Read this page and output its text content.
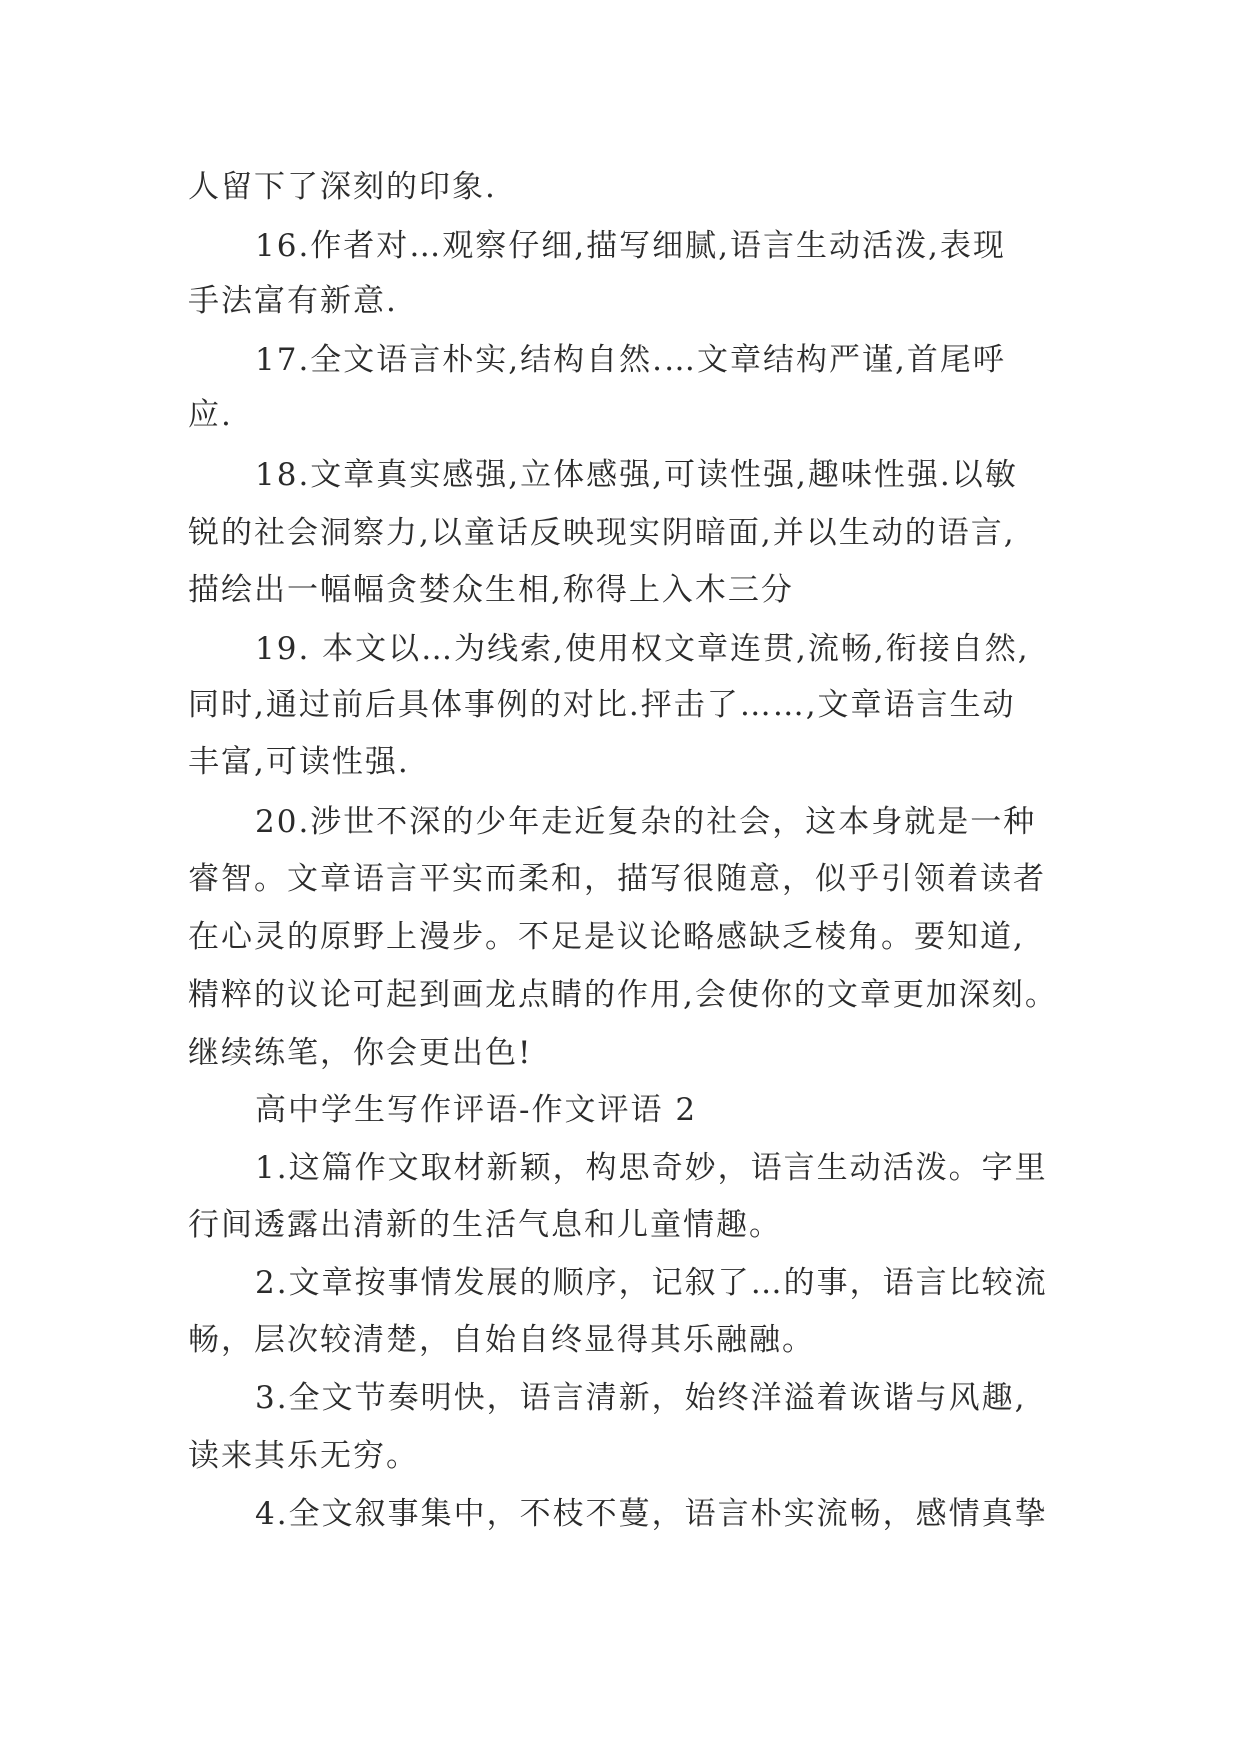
人留下了深刻的印象.
16.作者对…观察仔细,描写细腻,语言生动活泼,表现
手法富有新意.
17.全文语言朴实,结构自然.…文章结构严谨,首尾呼
应.
18.文章真实感强,立体感强,可读性强,趣味性强.以敏
锐的社会洞察力,以童话反映现实阴暗面,并以生动的语言,
描绘出一幅幅贪婪众生相,称得上入木三分
19. 本文以…为线索,使用权文章连贯,流畅,衔接自然,
同时,通过前后具体事例的对比.抨击了……,文章语言生动
丰富,可读性强.
20.涉世不深的少年走近复杂的社会，这本身就是一种
睿智。文章语言平实而柔和，描写很随意，似乎引领着读者
在心灵的原野上漫步。不足是议论略感缺乏棱角。要知道,
精粹的议论可起到画龙点睛的作用,会使你的文章更加深刻。
继续练笔，你会更出色!
高中学生写作评语-作文评语 2
1.这篇作文取材新颖，构思奇妙，语言生动活泼。字里
行间透露出清新的生活气息和儿童情趣。
2.文章按事情发展的顺序，记叙了…的事，语言比较流
畅，层次较清楚，自始自终显得其乐融融。
3.全文节奏明快，语言清新，始终洋溢着诙谐与风趣,
读来其乐无穷。
4.全文叙事集中，不枝不蔓，语言朴实流畅，感情真挚
